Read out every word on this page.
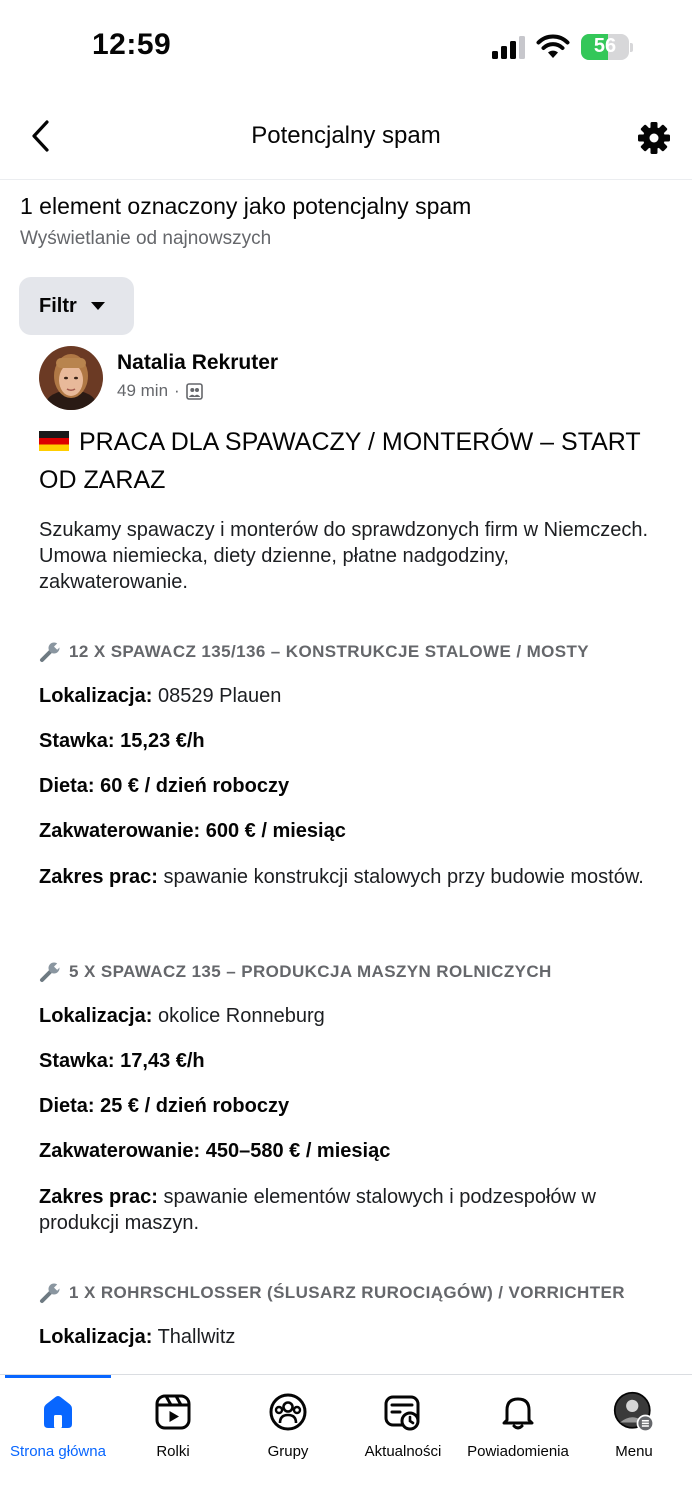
12:59	56
Potencjalny spam
1 element oznaczony jako potencjalny spam
Wyświetlanie od najnowszych
Filtr
Natalia Rekruter
49 min ·
PRACA DLA SPAWACZY / MONTERÓW – START OD ZARAZ
Szukamy spawaczy i monterów do sprawdzonych firm w Niemczech. Umowa niemiecka, diety dzienne, płatne nadgodziny, zakwaterowanie.
12 X SPAWACZ 135/136 – KONSTRUKCJE STALOWE / MOSTY
Lokalizacja: 08529 Plauen
Stawka: 15,23 €/h
Dieta: 60 € / dzień roboczy
Zakwaterowanie: 600 € / miesiąc
Zakres prac: spawanie konstrukcji stalowych przy budowie mostów.
5 X SPAWACZ 135 – PRODUKCJA MASZYN ROLNICZYCH
Lokalizacja: okolice Ronneburg
Stawka: 17,43 €/h
Dieta: 25 € / dzień roboczy
Zakwaterowanie: 450–580 € / miesiąc
Zakres prac: spawanie elementów stalowych i podzespołów w produkcji maszyn.
1 X ROHRSCHLOSSER (ŚLUSARZ RUROCIĄGÓW) / VORRICHTER
Lokalizacja: Thallwitz
Strona główna	Rolki	Grupy	Aktualności Powiadomienia	Menu
